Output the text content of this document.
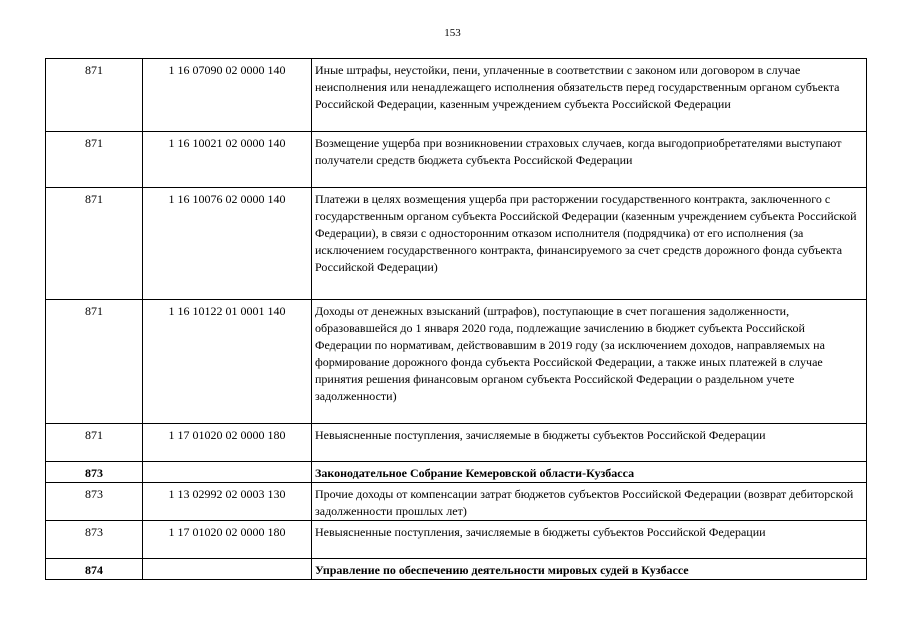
153
871	1 16 07090 02 0000 140	Иные штрафы, неустойки, пени, уплаченные в соответствии с законом или договором в случае неисполнения или ненадлежащего исполнения обязательств перед государственным органом субъекта Российской Федерации, казенным учреждением субъекта Российской Федерации
871	1 16 10021 02 0000 140	Возмещение ущерба при возникновении страховых случаев, когда выгодоприобретателями выступают получатели средств бюджета субъекта Российской Федерации
871	1 16 10076 02 0000 140	Платежи в целях возмещения ущерба при расторжении государственного контракта, заключенного с государственным органом субъекта Российской Федерации (казенным учреждением субъекта Российской Федерации), в связи с односторонним отказом исполнителя (подрядчика) от его исполнения (за исключением государственного контракта, финансируемого за счет средств дорожного фонда субъекта Российской Федерации)
871	1 16 10122 01 0001 140	Доходы от денежных взысканий (штрафов), поступающие в счет погашения задолженности, образовавшейся до 1 января 2020 года, подлежащие зачислению в бюджет субъекта Российской Федерации по нормативам, действовавшим в 2019 году (за исключением доходов, направляемых на формирование дорожного фонда субъекта Российской Федерации, а также иных платежей в случае принятия решения финансовым органом субъекта Российской Федерации о раздельном учете задолженности)
871	1 17 01020 02 0000 180	Невыясненные поступления, зачисляемые в бюджеты субъектов Российской Федерации
873		Законодательное Собрание Кемеровской области-Кузбасса
873	1 13 02992 02 0003 130	Прочие доходы от компенсации затрат бюджетов субъектов Российской Федерации (возврат дебиторской задолженности прошлых лет)
873	1 17 01020 02 0000 180	Невыясненные поступления, зачисляемые в бюджеты субъектов Российской Федерации
874		Управление по обеспечению деятельности мировых судей в Кузбассе
